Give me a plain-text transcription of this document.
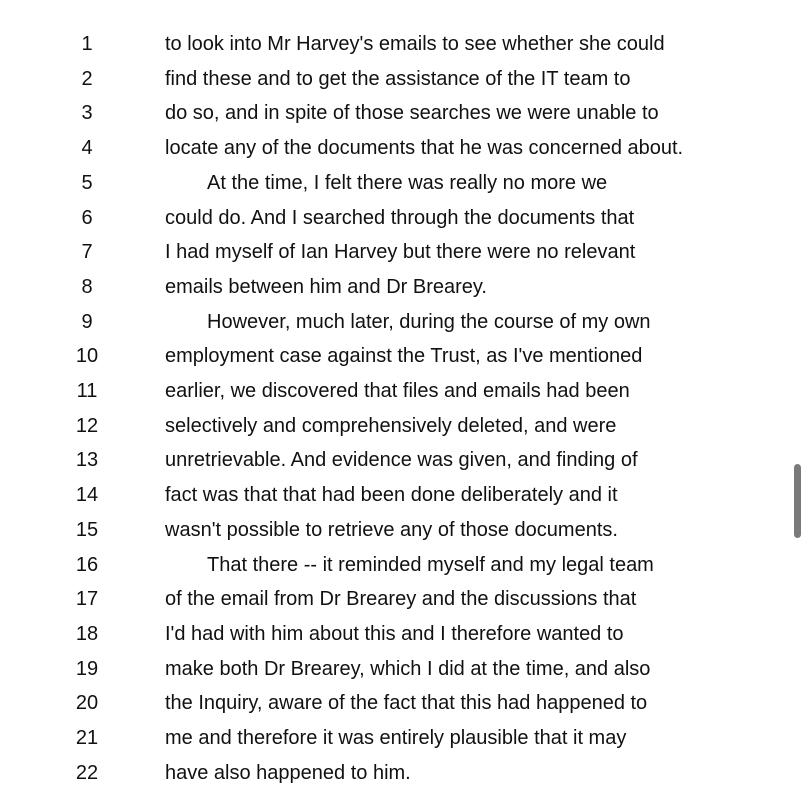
1	to look into Mr Harvey's emails to see whether she could
2	find these and to get the assistance of the IT team to
3	do so, and in spite of those searches we were unable to
4	locate any of the documents that he was concerned about.
5	At the time, I felt there was really no more we
6	could do. And I searched through the documents that
7	I had myself of Ian Harvey but there were no relevant
8	emails between him and Dr Brearey.
9	However, much later, during the course of my own
10	employment case against the Trust, as I've mentioned
11	earlier, we discovered that files and emails had been
12	selectively and comprehensively deleted, and were
13	unretrievable. And evidence was given, and finding of
14	fact was that that had been done deliberately and it
15	wasn't possible to retrieve any of those documents.
16	That there -- it reminded myself and my legal team
17	of the email from Dr Brearey and the discussions that
18	I'd had with him about this and I therefore wanted to
19	make both Dr Brearey, which I did at the time, and also
20	the Inquiry, aware of the fact that this had happened to
21	me and therefore it was entirely plausible that it may
22	have also happened to him.
